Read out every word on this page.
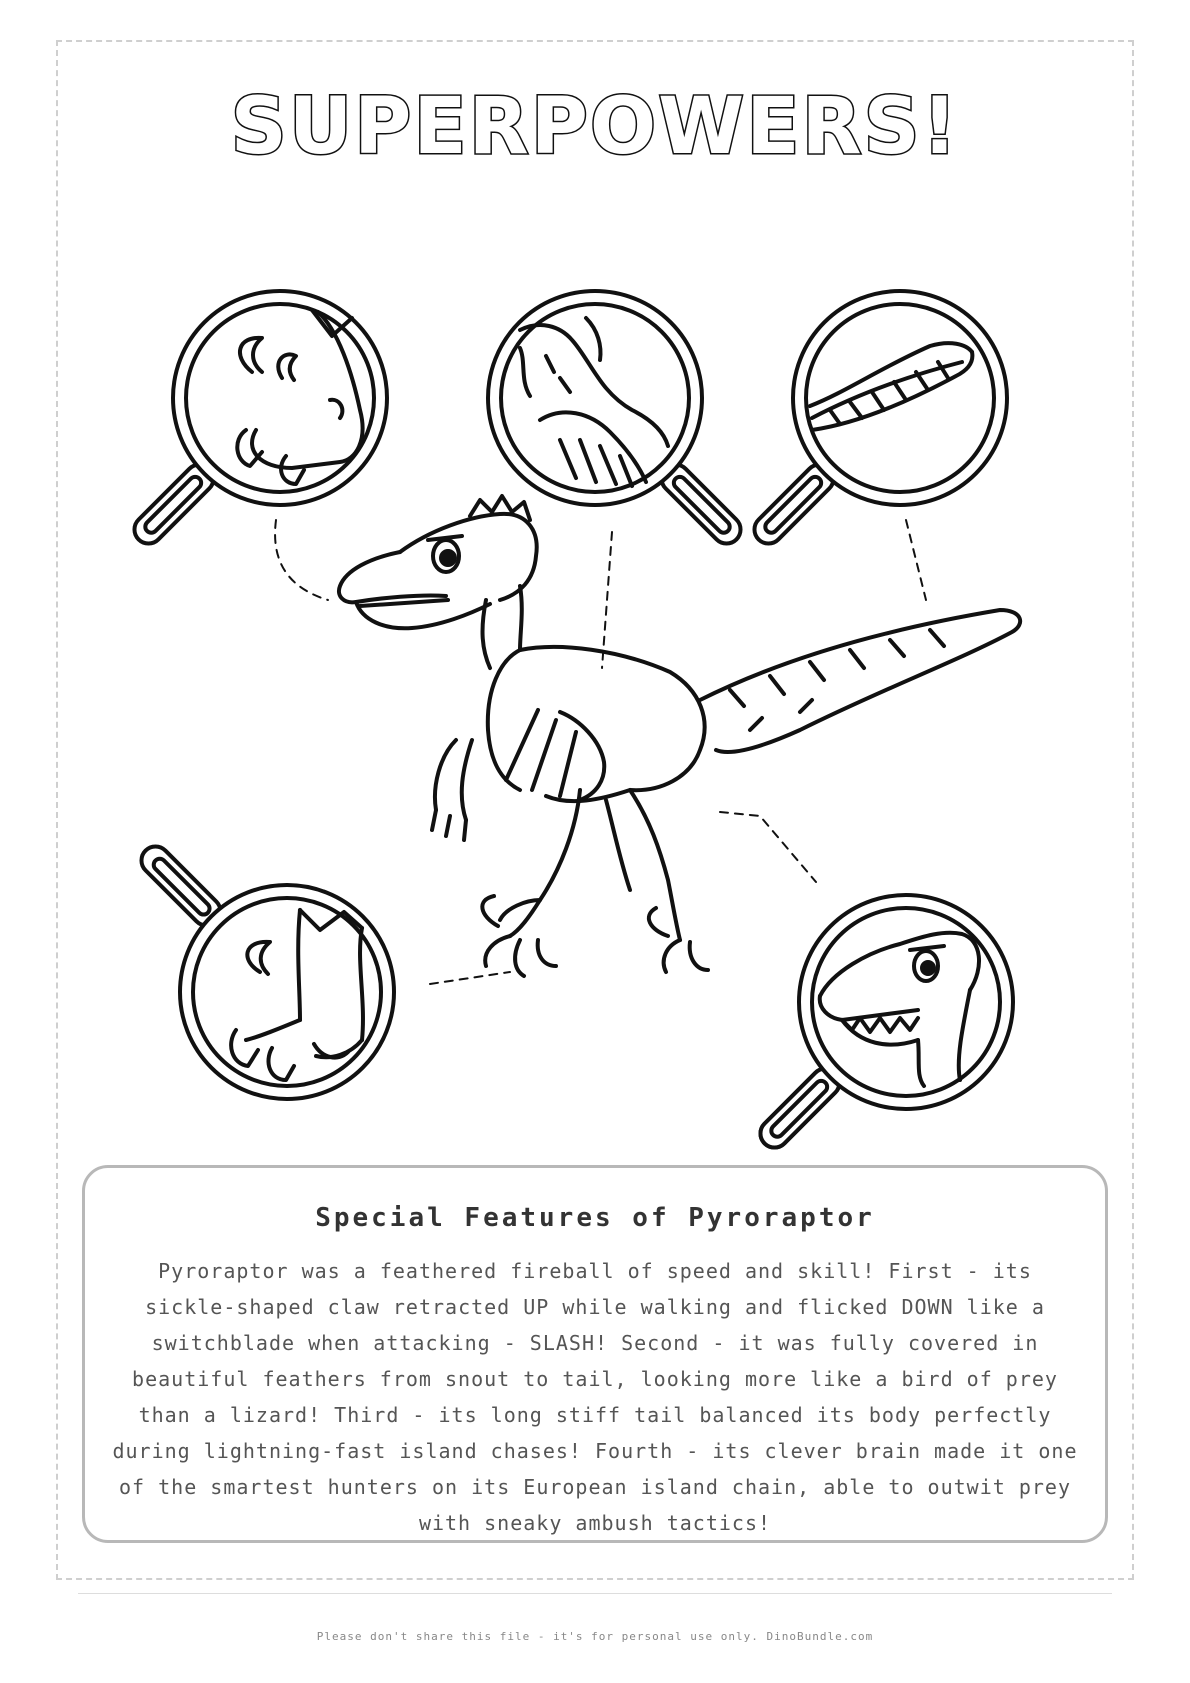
SUPERPOWERS!
Special Features of Pyroraptor
Pyroraptor was a feathered fireball of speed and skill! First - its sickle-shaped claw retracted UP while walking and flicked DOWN like a switchblade when attacking - SLASH! Second - it was fully covered in beautiful feathers from snout to tail, looking more like a bird of prey than a lizard! Third - its long stiff tail balanced its body perfectly during lightning-fast island chases! Fourth - its clever brain made it one of the smartest hunters on its European island chain, able to outwit prey with sneaky ambush tactics!
Please don't share this file - it's for personal use only. DinoBundle.com
